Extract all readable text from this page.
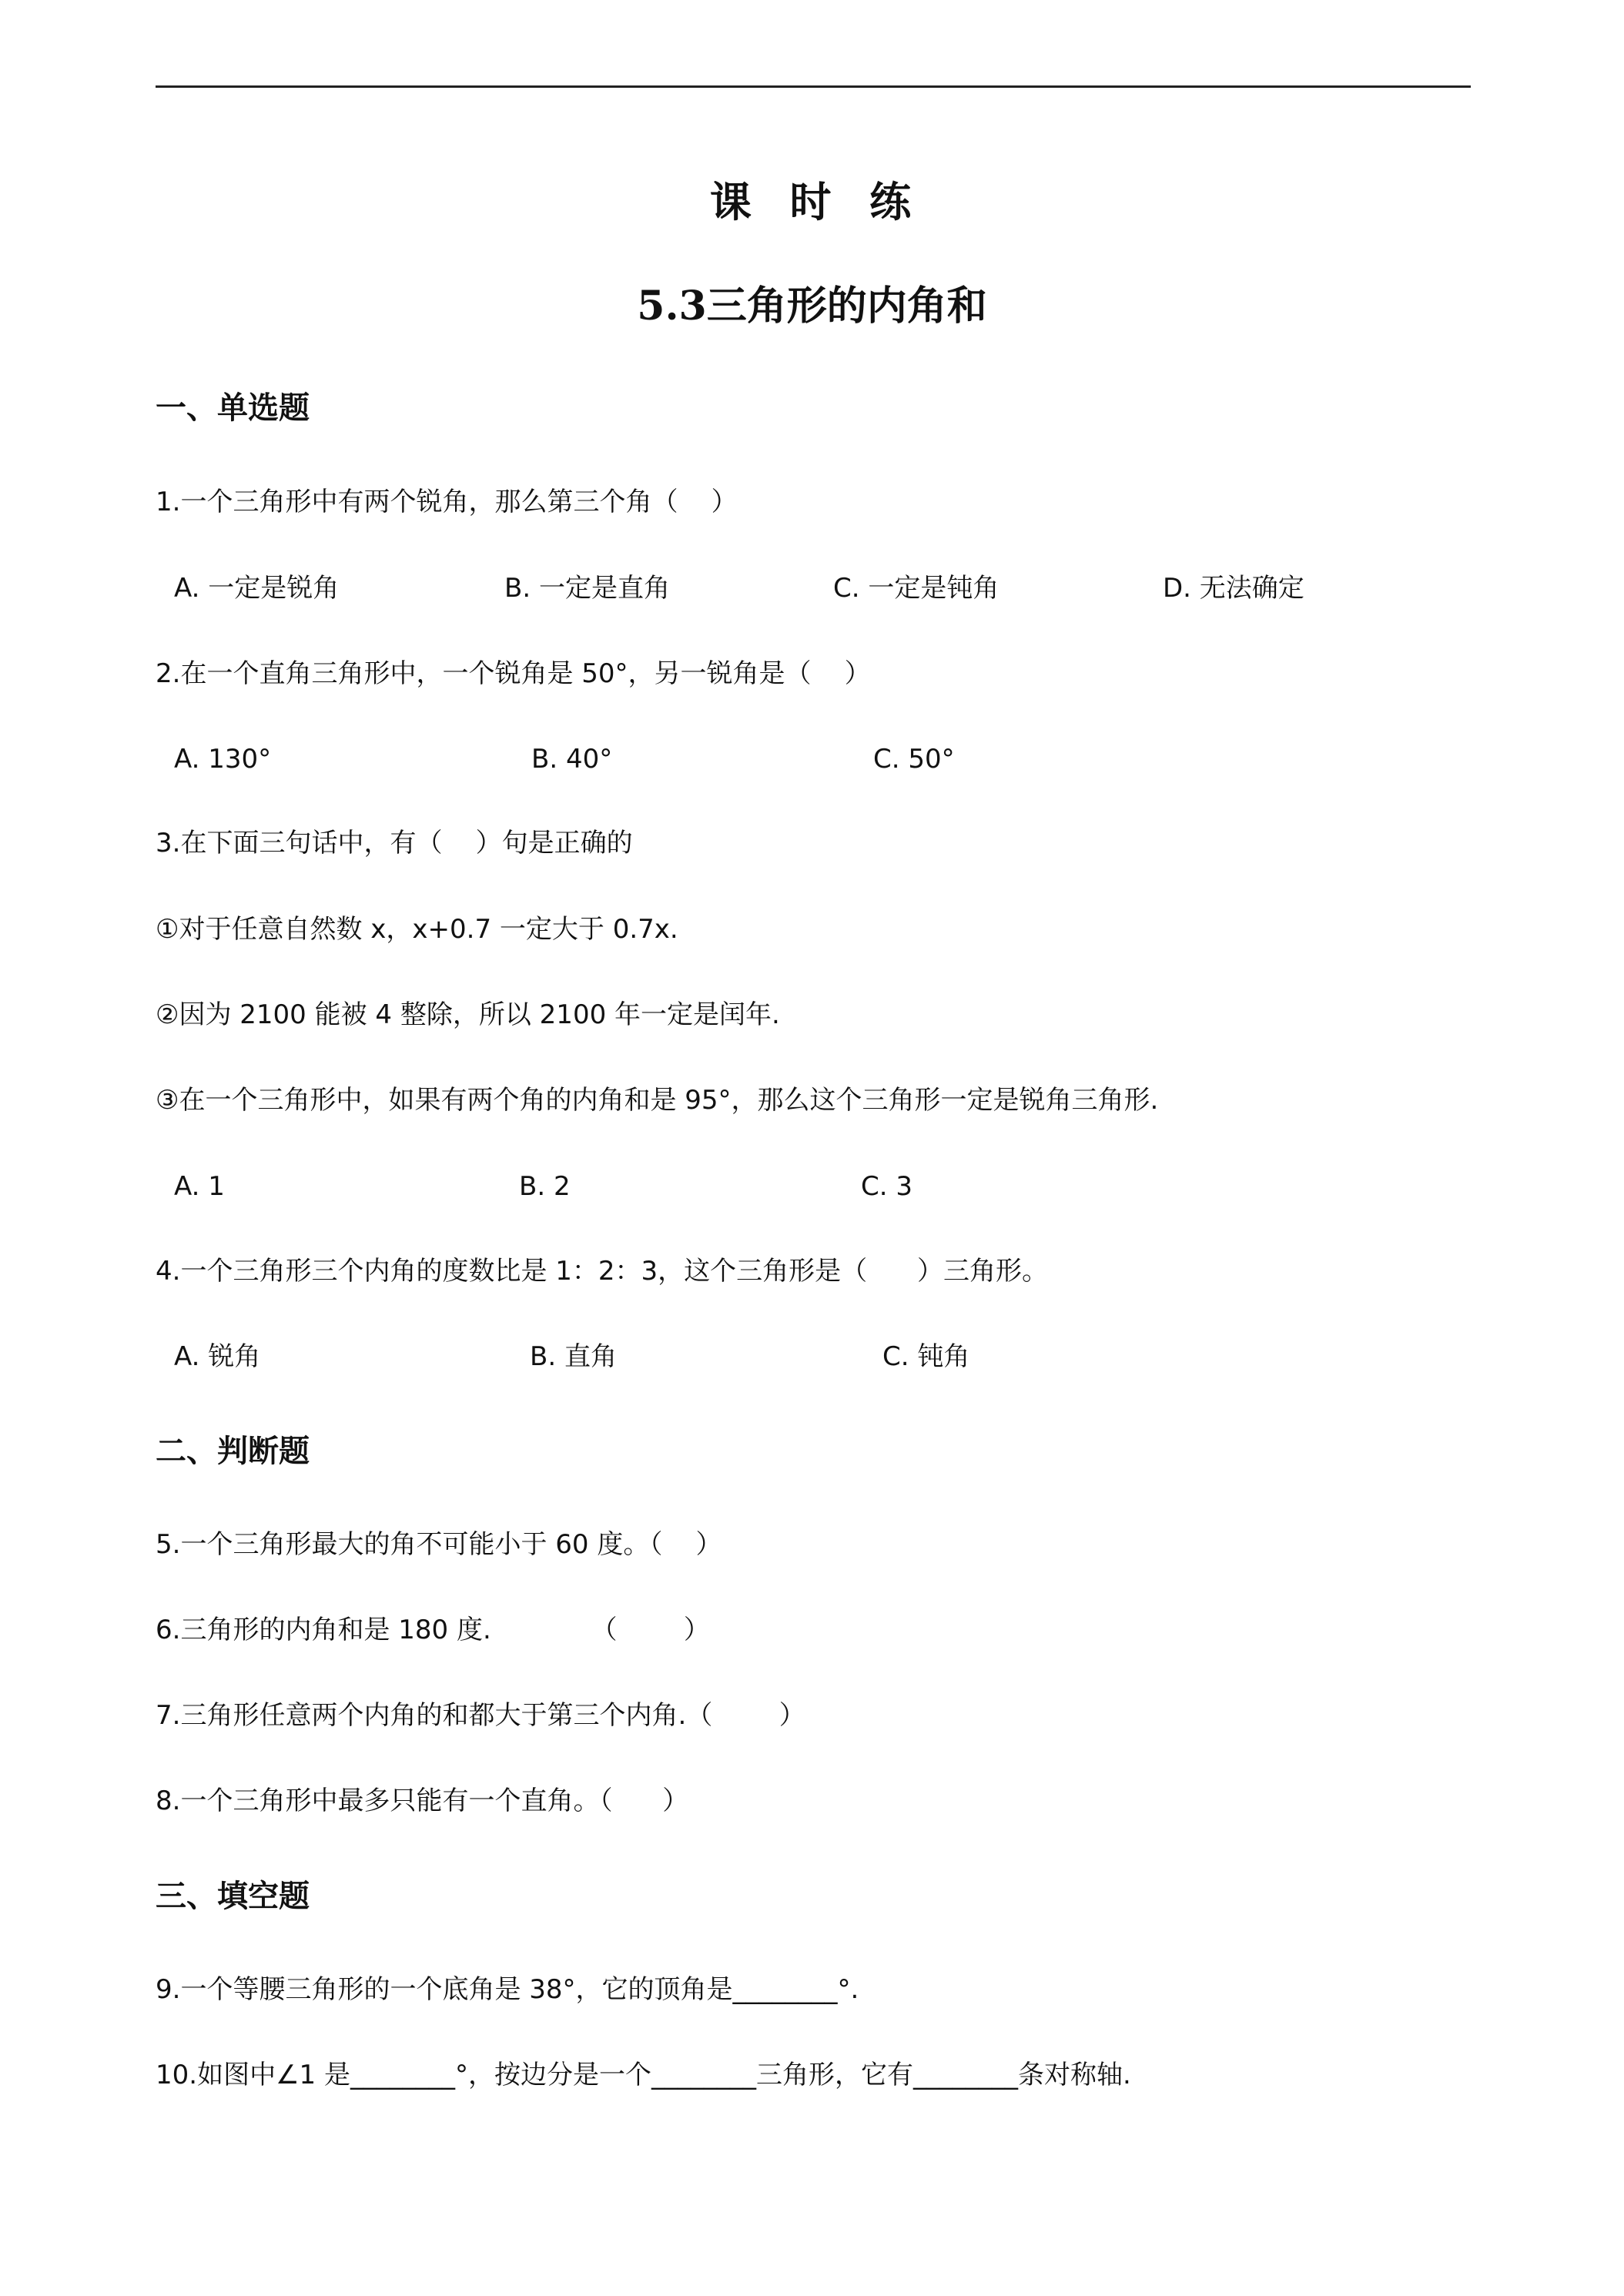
课  时  练
5.3三角形的内角和
一、单选题
1.一个三角形中有两个锐角，那么第三个角（    ）
A. 一定是锐角	B. 一定是直角	C. 一定是钝角	D. 无法确定
2.在一个直角三角形中，一个锐角是 50°，另一锐角是（    ）
A. 130°	B. 40°	C. 50°
3.在下面三句话中，有（    ）句是正确的
①对于任意自然数 x，x+0.7 一定大于 0.7x.
②因为 2100 能被 4 整除，所以 2100 年一定是闰年.
③在一个三角形中，如果有两个角的内角和是 95°，那么这个三角形一定是锐角三角形.
A. 1	B. 2	C. 3
4.一个三角形三个内角的度数比是 1：2：3，这个三角形是（      ）三角形。
A. 锐角	B. 直角	C. 钝角
二、判断题
5.一个三角形最大的角不可能小于 60 度。（    ）
6.三角形的内角和是 180 度.            （        ）
7.三角形任意两个内角的和都大于第三个内角.（        ）
8.一个三角形中最多只能有一个直角。（      ）
三、填空题
9.一个等腰三角形的一个底角是 38°，它的顶角是________°.
10.如图中∠1 是________°，按边分是一个________三角形，它有________条对称轴.
